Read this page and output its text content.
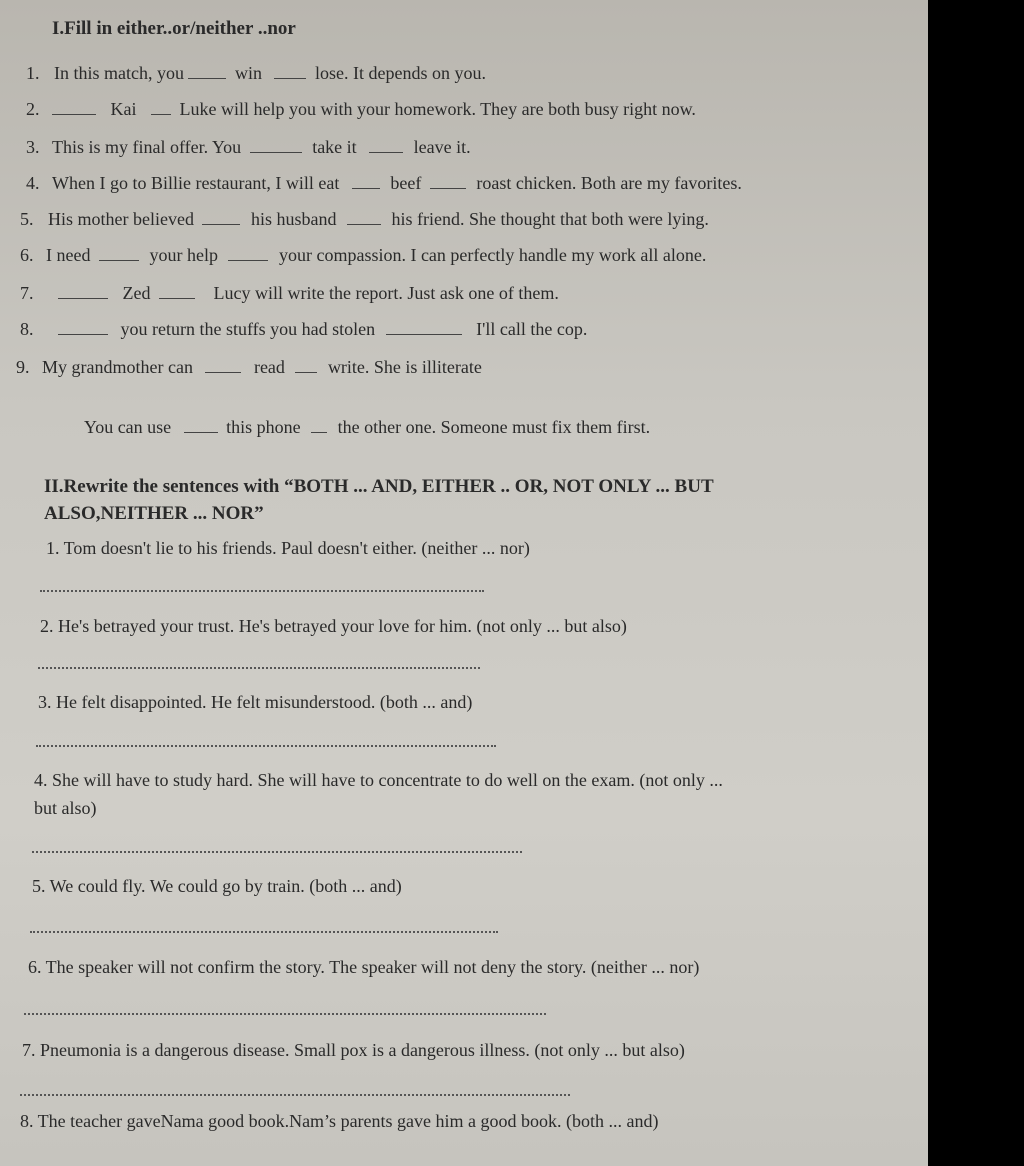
I.Fill in either..or/neither ..nor
1. In this match, you	win	lose. It depends on you.
2.	Kai Luke will help you with your homework. They are both busy right now.
3. This is my final offer. You	take it	leave it.
4. When I go to Billie restaurant, I will eat	beef	roast chicken. Both are my favorites.
5. His mother believed	his husband	his friend. She thought that both were lying.
6. I need	your help	your compassion. I can perfectly handle my work all alone.
7.	Zed	Lucy will write the report. Just ask one of them.
8.	you return the stuffs you had stolen	I'll call the cop.
9. My grandmother can	read write. She is illiterate
You can use	this phone the other one. Someone must fix them first.
II.Rewrite the sentences with “BOTH ... AND, EITHER .. OR, NOT ONLY ... BUT
ALSO,NEITHER ... NOR”
1. Tom doesn't lie to his friends. Paul doesn't either. (neither ... nor)
2. He's betrayed your trust. He's betrayed your love for him. (not only ... but also)
3. He felt disappointed. He felt misunderstood. (both ... and)
4. She will have to study hard. She will have to concentrate to do well on the exam. (not only ...
but also)
5. We could fly. We could go by train. (both ... and)
6. The speaker will not confirm the story. The speaker will not deny the story. (neither ... nor)
7. Pneumonia is a dangerous disease. Small pox is a dangerous illness. (not only ... but also)
8. The teacher gaveNama good book.Nam’s parents gave him a good book. (both ... and)
